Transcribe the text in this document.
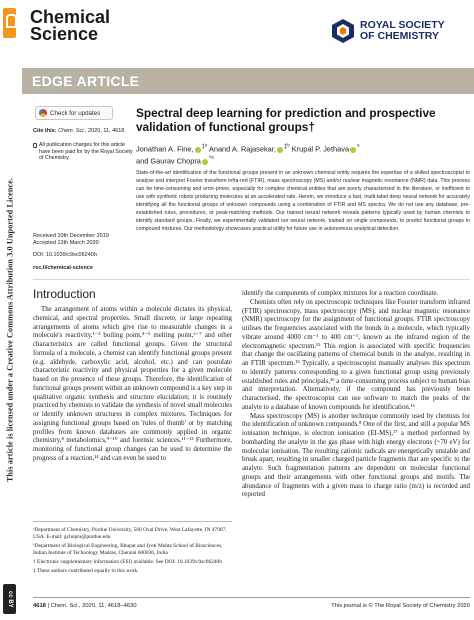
This article is licensed under a Creative Commons Attribution 3.0 Unported Licence.
cc BY
Chemical
Science	ROYAL SOCIETY
OF CHEMISTRY
EDGE ARTICLE
Check for updates
Cite this: Chem. Sci., 2020, 11, 4618
All publication charges for this article have been paid for by the Royal Society of Chemistry
Received 10th December 2019
Accepted 13th March 2020
DOI: 10.1039/c9sc06240h
rsc.li/chemical-science
Spectral deep learning for prediction and prospective validation of functional groups†
Jonathan A. Fine, $^{\ddagger ᵃ}$ Anand A. Rajasekar, $^{\ddagger ᵇ}$ Krupal P. Jethava $^ᵃ$
and Gaurav Chopra $^{*ᵃ}$
State-of-the-art identification of the functional groups present in an unknown chemical entity requires the expertise of a skilled spectroscopist to analyse and interpret Fourier transform infra-red (FTIR), mass spectroscopy (MS) and/or nuclear magnetic resonance (NMR) data. This process can be time-consuming and error-prone, especially for complex chemical entities that are poorly characterised in the literature, or inefficient to use with synthetic robots producing molecules at an accelerated rate. Herein, we introduce a fast, multi-label deep neural network for accurately identifying all the functional groups of unknown compounds using a combination of FTIR and MS spectra. We do not use any database, pre-established rules, procedures, or peak-matching methods. Our trained neural network reveals patterns typically used by human chemists to identify standard groups. Finally, we experimentally validated our neural network, trained on single compounds, to predict functional groups in compound mixtures. Our methodology showcases practical utility for future use in autonomous analytical detection.
Introduction

The arrangement of atoms within a molecule dictates its physical, chemical, and spectral properties. Small discrete, or large repeating arrangements of atoms which give rise to measurable changes in a molecule's reactivity,¹⁻³ boiling point,⁴⁻⁵ melting point,⁶⁻⁷ and other characteristics are called functional groups. Given the structural formula of a molecule, a chemist can identify functional groups present (e.g. aldehyde, carboxylic acid, alcohol, etc.) and can postulate characteristic reactivity and physical properties for a given molecule based on the presence of these groups. Therefore, the identification of functional groups present within an unknown compound is a key step in qualitative organic synthesis and structure elucidation; it is routinely practiced by chemists to validate the synthesis of novel small molecules or identify unknown structures in complex mixtures. Techniques for assigning functional groups based on 'rules of thumb' or by matching profiles from known databases are commonly applied in organic chemistry,⁸ metabolomics,⁹⁻¹⁰ and forensic sciences.¹¹⁻¹³ Furthermore, monitoring of functional group changes can be used to determine the progress of a reaction,¹⁴ and can even be used to

identify the components of complex mixtures for a reaction coordinate.

Chemists often rely on spectroscopic techniques like Fourier transform infrared (FTIR) spectroscopy, mass spectroscopy (MS), and nuclear magnetic resonance (NMR) spectroscopy for the assignment of functional groups. FTIR spectroscopy utilises the frequencies associated with the bonds in a molecule, which typically vibrate around 4000 cm⁻¹ to 400 cm⁻¹, known as the infrared region of the electromagnetic spectrum.¹⁵ This region is associated with specific frequencies that change the oscillating patterns of chemical bonds in the analyte, resulting in an FTIR spectrum.¹⁵ Typically, a spectroscopist manually analyses this spectrum to identify patterns corresponding to a given functional group using previously established rules and principals,¹⁶ a time-consuming process subject to human bias and interpretation. Alternatively, if the compound has previously been characterised, the spectroscopist can use software to match the peaks of the analyte to a database of known compounds for identification.¹⁶

Mass spectroscopy (MS) is another technique commonly used by chemists for the identification of unknown compounds.⁸ One of the first, and still a popular MS ionisation technique, is electron ionisation (EI-MS),¹⁷ a method performed by bombarding the analyte in the gas phase with high energy electrons (~70 eV) for molecular ionisation. The resulting cationic radicals are energetically unstable and break apart, resulting in smaller charged particle fragments that are specific to the analyte. Such fragmentation patterns are dependent on molecular functional groups and their arrangements with other functional groups and motifs. The abundance of fragments with a given mass to charge ratio (m/z) is recorded and reported

ᵃDepartment of Chemistry, Purdue University, 560 Oval Drive, West Lafayette, IN 47907, USA. E-mail: gchopra@purdue.edu

ᵇDepartment of Biological Engineering, Bhupat and Jyoti Mehta School of Biosciences, Indian Institute of Technology Madras, Chennai 600036, India

† Electronic supplementary information (ESI) available. See DOI: 10.1039/c9sc06240h

‡ These authors contributed equally to this work.

4618 | Chem. Sci., 2020, 11, 4618–4630	This journal is © The Royal Society of Chemistry 2020
